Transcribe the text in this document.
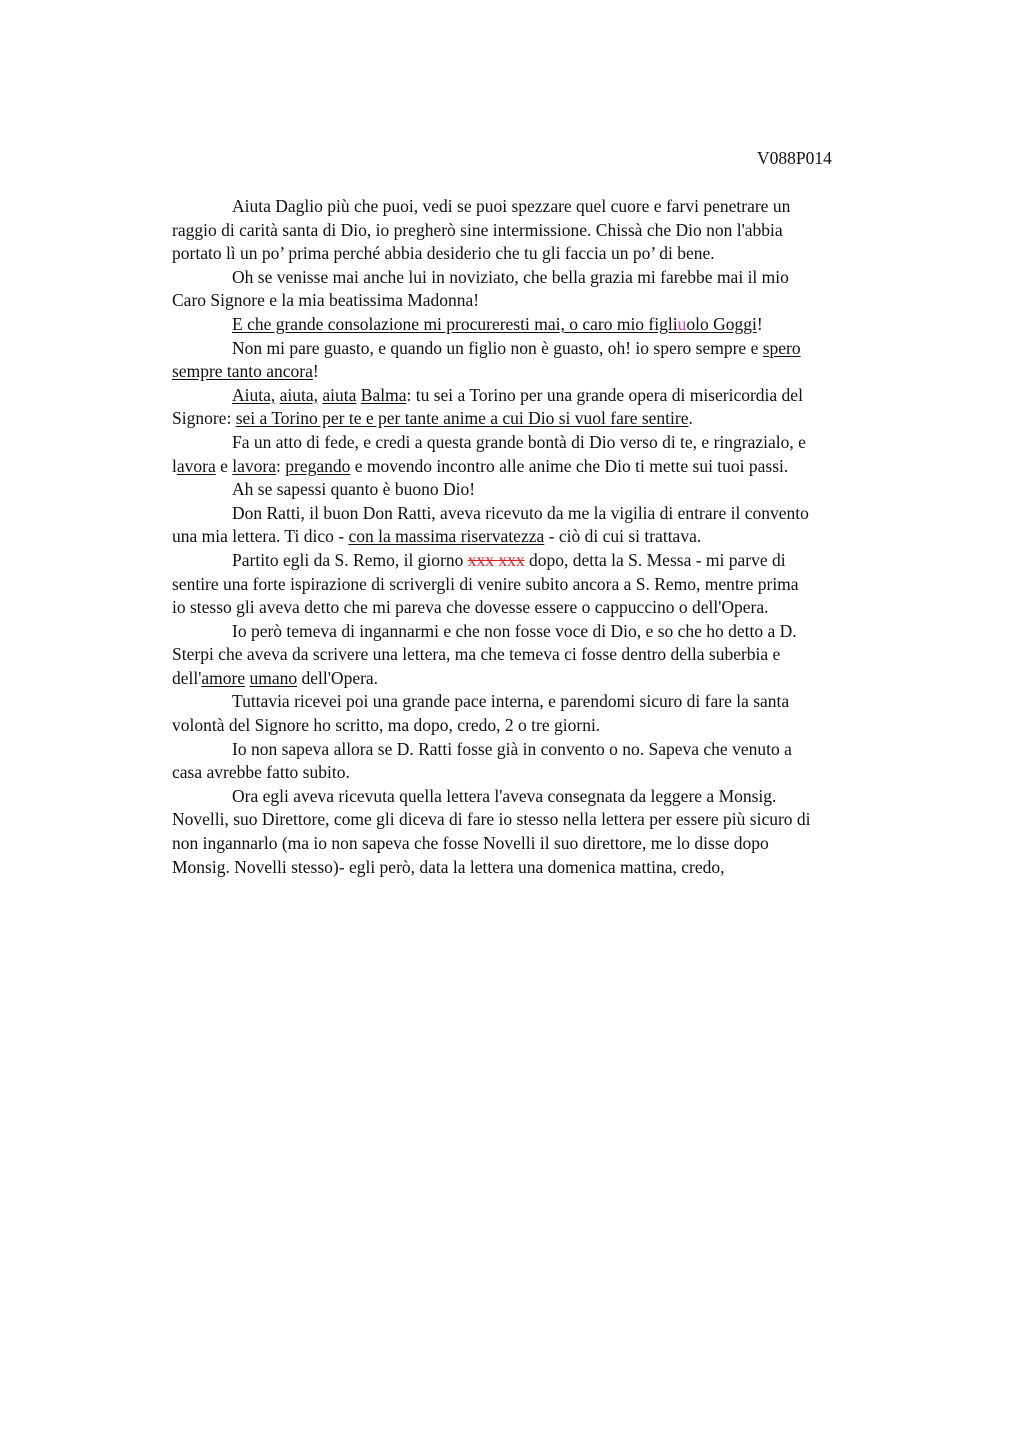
V088P014

Aiuta Daglio più che puoi, vedi se puoi spezzare quel cuore e farvi penetrare un
raggio di carità santa di Dio, io pregherò sine intermissione. Chissà che Dio non l'abbia
portato lì un po’ prima perché abbia desiderio che tu gli faccia un po’ di bene.

Oh se venisse mai anche lui in noviziato, che bella grazia mi farebbe mai il mio
Caro Signore e la mia beatissima Madonna!

E che grande consolazione mi procureresti mai, o caro mio figliuolo Goggi!

Non mi pare guasto, e quando un figlio non è guasto, oh! io spero sempre e spero
sempre tanto ancora!

Aiuta, aiuta, aiuta Balma: tu sei a Torino per una grande opera di misericordia del
Signore: sei a Torino per te e per tante anime a cui Dio si vuol fare sentire.

Fa un atto di fede, e credi a questa grande bontà di Dio verso di te, e ringrazialo, e
lavora e lavora: pregando e movendo incontro alle anime che Dio ti mette sui tuoi passi.

Ah se sapessi quanto è buono Dio!

Don Ratti, il buon Don Ratti, aveva ricevuto da me la vigilia di entrare il convento
una mia lettera. Ti dico - con la massima riservatezza - ciò di cui si trattava.

Partito egli da S. Remo, il giorno xxx xxx dopo, detta la S. Messa - mi parve di
sentire una forte ispirazione di scrivergli di venire subito ancora a S. Remo, mentre prima
io stesso gli aveva detto che mi pareva che dovesse essere o cappuccino o dell'Opera.

Io però temeva di ingannarmi e che non fosse voce di Dio, e so che ho detto a D.
Sterpi che aveva da scrivere una lettera, ma che temeva ci fosse dentro della suberbia e
dell'amore umano dell'Opera.

Tuttavia ricevei poi una grande pace interna, e parendomi sicuro di fare la santa
volontà del Signore ho scritto, ma dopo, credo, 2 o tre giorni.

Io non sapeva allora se D. Ratti fosse già in convento o no. Sapeva che venuto a
casa avrebbe fatto subito.

Ora egli aveva ricevuta quella lettera l'aveva consegnata da leggere a Monsig.
Novelli, suo Direttore, come gli diceva di fare io stesso nella lettera per essere più sicuro di
non ingannarlo (ma io non sapeva che fosse Novelli il suo direttore, me lo disse dopo
Monsig. Novelli stesso)- egli però, data la lettera una domenica mattina, credo,
